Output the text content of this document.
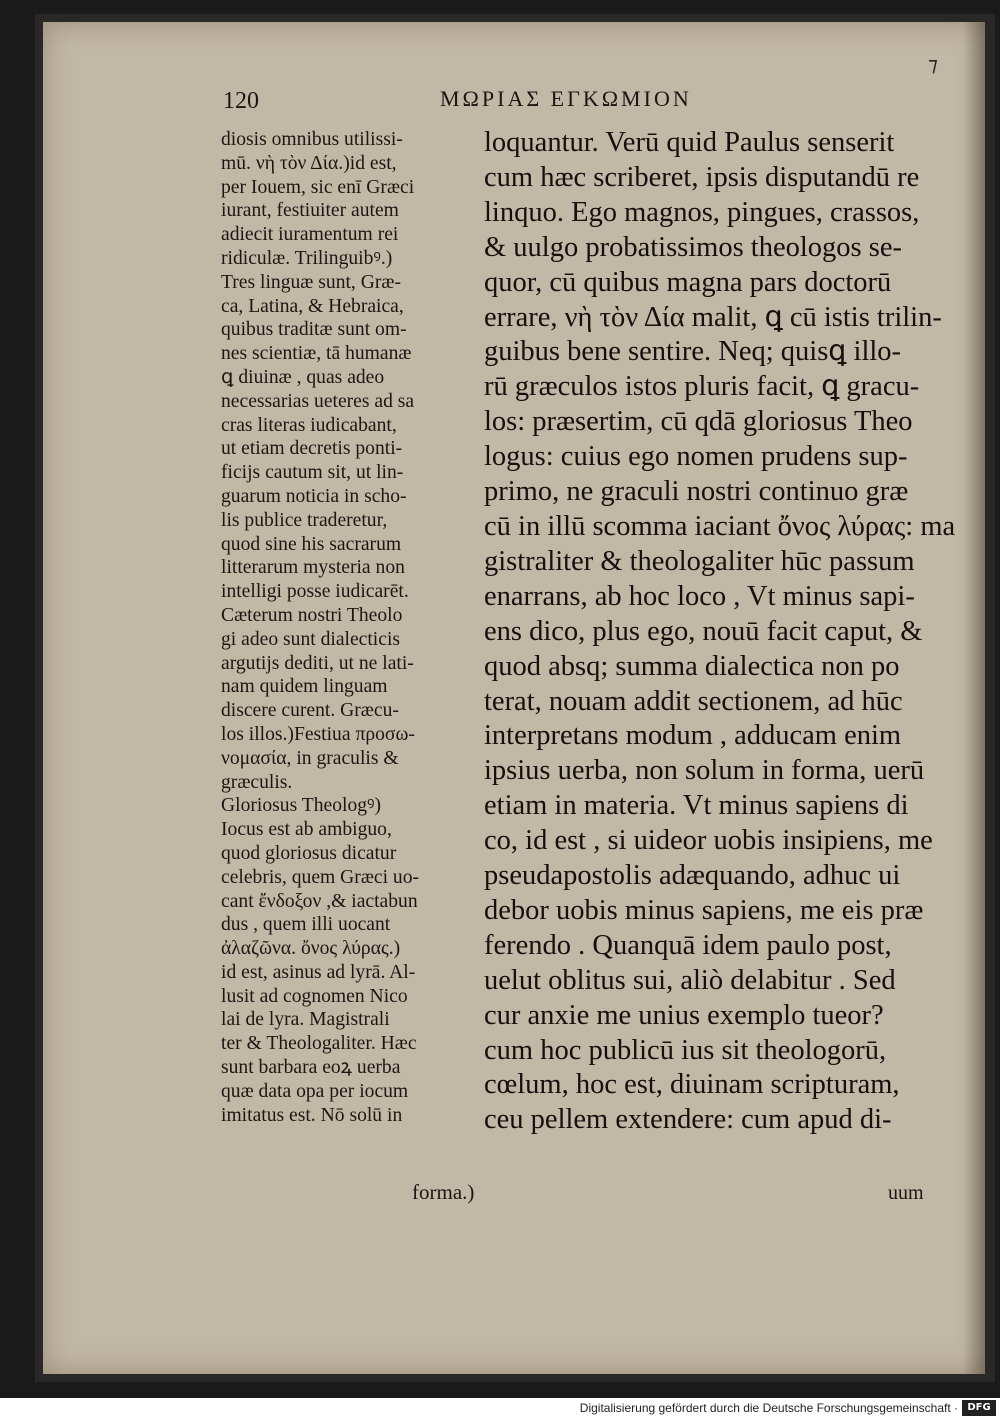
⁊
120	ΜΩΡΙΑΣ ΕΓΚΩΜΙΟΝ
diosis omnibus utilissi-
mū. νὴ τὸν Δία.)id est,
per Iouem, sic enī Græci
iurant, festiuiter autem
adiecit iuramentum rei
ridiculæ. Trilinguibꝰ.)
Tres linguæ sunt, Græ-
ca, Latina, & Hebraica,
quibus traditæ sunt om-
nes scientiæ, tā humanæ
ꝗ diuinæ , quas adeo
necessarias ueteres ad sa
cras literas iudicabant,
ut etiam decretis ponti-
ficijs cautum sit, ut lin-
guarum noticia in scho-
lis publice traderetur,
quod sine his sacrarum
litterarum mysteria non
intelligi posse iudicarēt.
Cæterum nostri Theolo
gi adeo sunt dialecticis
argutijs dediti, ut ne lati-
nam quidem linguam
discere curent. Græcu-
los illos.)Festiua προσω-
νομασία, in graculis &
græculis.
Gloriosus Theologꝰ)
Iocus est ab ambiguo,
quod gloriosus dicatur
celebris, quem Græci uo-
cant ἔνδοξον ,& iactabun
dus , quem illi uocant
ἀλαζῶνα. ὄνος λύρας.)
id est, asinus ad lyrā. Al-
lusit ad cognomen Nico
lai de lyra. Magistrali
ter & Theologaliter. Hæc
sunt barbara eoꝝ uerba
quæ data opa per iocum
imitatus est. Nō solū in
forma.)
loquantur. Verū quid Paulus senserit
cum hæc scriberet, ipsis disputandū re
linquo. Ego magnos, pingues, crassos,
& uulgo probatissimos theologos se-
quor, cū quibus magna pars doctorū
errare, νὴ τὸν Δία malit, ꝗ cū istis trilin-
guibus bene sentire. Neq; quisꝗ illo-
rū græculos istos pluris facit, ꝗ gracu-
los: præsertim, cū qdā gloriosus Theo
logus: cuius ego nomen prudens sup-
primo, ne graculi nostri continuo græ
cū in illū scomma iaciant ὄνος λύρας: ma
gistraliter & theologaliter hūc passum
enarrans, ab hoc loco , Vt minus sapi-
ens dico, plus ego, nouū facit caput, &
quod absq; summa dialectica non po
terat, nouam addit sectionem, ad hūc
interpretans modum , adducam enim
ipsius uerba, non solum in forma, uerū
etiam in materia. Vt minus sapiens di
co, id est , si uideor uobis insipiens, me
pseudapostolis adæquando, adhuc ui
debor uobis minus sapiens, me eis præ
ferendo . Quanquā idem paulo post,
uelut oblitus sui, aliò delabitur . Sed
cur anxie me unius exemplo tueor?
cum hoc publicū ius sit theologorū,
cœlum, hoc est, diuinam scripturam,
ceu pellem extendere: cum apud di-
uum
Digitalisierung gefördert durch die Deutsche Forschungsgemeinschaft · DFG
